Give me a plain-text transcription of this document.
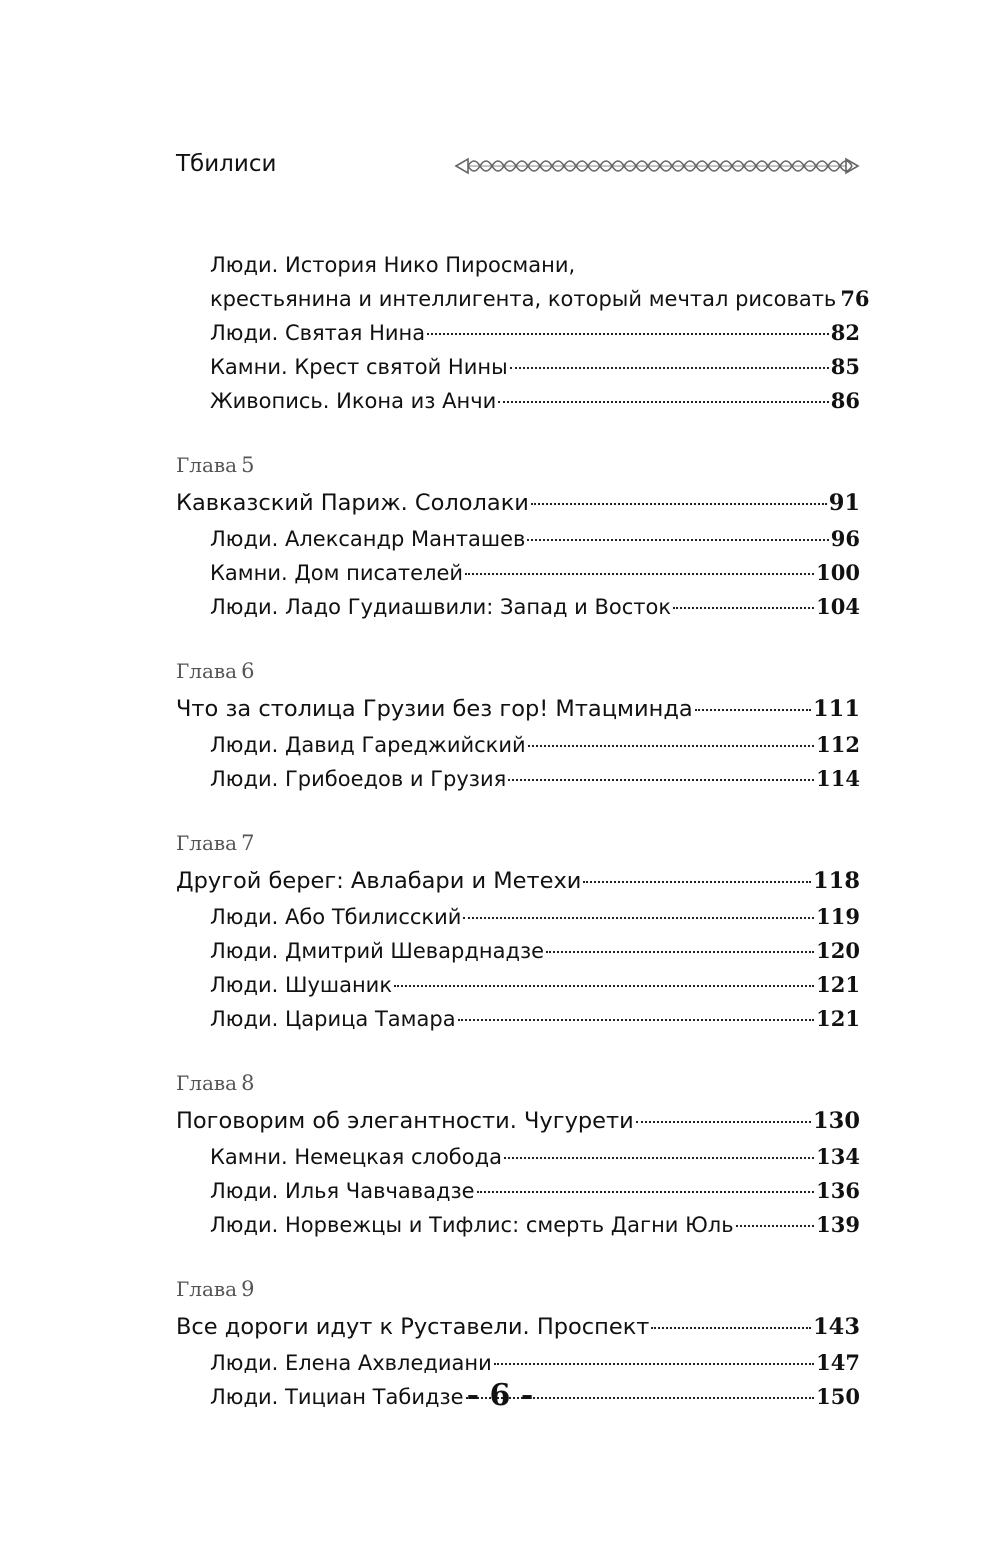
Тбилиси
Люди. История Нико Пиросмани,
крестьянина и интеллигента, который мечтал рисовать 76
Люди. Святая Нина	82
Камни. Крест святой Нины	85
Живопись. Икона из Анчи	86
Глава 5
Кавказский Париж. Сололаки	91
Люди. Александр Манташев	96
Камни. Дом писателей	100
Люди. Ладо Гудиашвили: Запад и Восток	104
Глава 6
Что за столица Грузии без гор! Мтацминда	111
Люди. Давид Гареджийский	112
Люди. Грибоедов и Грузия	114
Глава 7
Другой берег: Авлабари и Метехи	118
Люди. Або Тбилисский	119
Люди. Дмитрий Шеварднадзе	120
Люди. Шушаник	121
Люди. Царица Тамара	121
Глава 8
Поговорим об элегантности. Чугурети	130
Камни. Немецкая слобода	134
Люди. Илья Чавчавадзе	136
Люди. Норвежцы и Тифлис: смерть Дагни Юль	139
Глава 9
Все дороги идут к Руставели. Проспект	143
Люди. Елена Ахвледиани	147
Люди. Тициан Табидзе	150
- 6 -
